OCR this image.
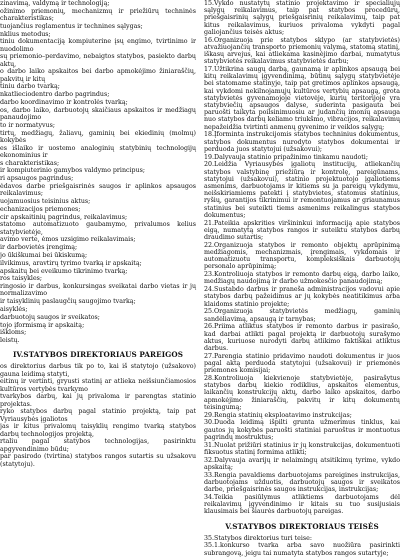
zinavimą, valdymą ir technologiją;

ožinimo priemonių, mechanizmų ir priežiūrų techninės charakteristikas;

tuojančius reglamentus ir technines sąlygas;

nklius metodus;

tiniu dokumentaciją kompiuterine įsų engimo, tvirtinimo ir nuodolimo

sų priemonio–perdavimo, nebaigtos statybos, pasiekto darbų aktų,

o darbo laiko apskaitos bei darbo apmokėjimo žiniaraščių, pakvitų ir kitų

tiniu darbo tvarką;

nkatlieciodentro darbo pagrindus;

darbo koordinavimo ir kontrolės tvarką;

os, darbo laiko, darbuotojų skaičiaus apskaitos ir medžiagų panaudojimo

to ir normatyvus;

tirtų, medžiagų, žaliavų, gaminių bei ekiedinių (molmų) kokybės

es išlaiko ir uostemo analoginių statybinių technologijų ekonominius ir

s charakteristikas;

ir kompiuterinio gamybos valdymo principus;

ri apsaugos pagrindus;

ėdavos darbe priešgaisrinės saugos ir aplinkos apsaugos reikalavimus;

uojamuosius teisinius aktus;

echanizacijos priemones;

cir apskaitinių pagrindus, reikalavimus;

statomo automatizuoto gaubamymo, privalumos kelius statybvietėje,

avimo verte, ėmos uzsigimo reikalavimais;

ir darbovietės įrengimą;

jo ūkiškumai bei ūkiskumą;

ilvikimus, aravtirų tyrimo tvarką ir apskaitą;

apskaitų bei eveikumo tikrinimo tvarką;

ros taisykles;

ringosio ir darbus, konkursingas sveikatai darbo vietas ir jų normalizavimo

ir taisyklinių paslaugčių saugojimo tvarką;

aisyklės;

darbuotojų saugos ir sveikatos;

tojo įformismą ir apskaitą;

iškloms;

leistų.

IV.STATYBOS DIREKTORIAUS PAREIGOS

os direktorius darbus tik po to, kai iš statytojo (užsakovo) gauna leidimą statyti,

eitinų ir vertinti, gryusti statinį ar atlieka neišsiunčiamosios kultūros vertybės tvarkymo

tvarkybos darbų, kai jų privaloma ir parengtas statinio projektas.

ryko statybos darbų pagal statinio projektą, taip pat Vyriausybės įgaliotos

jas ir kitus privalomų taisyklių rengimo tvarką statybos darbų technologijos projektą,

rtaliu pagal statybos technologijas, pasirinktu apgyvendinimo būdu;

par pasirodo (tvirtina) statybos rangos sutartis su užsakovu (statytoju).

15.Vykdo nustatytų statinio projektavimo ir specialiųjų sąlygų reikalavimus, taip pat statybos procedūrų, priešgaisrinių sąlygų priešgaisrinių reikalavimų, taip pat kitus reikalavimus, kuriuos privaloma vykdyti pagal galiojančius teisės aktus;

16.Organizuoja prie statybos sklypo (ar statybvietės) atvažiuojančių transporto priemonių valymą, statomą statinį, iškasų arvejus, kai atliekama kasinėjimo darbai, numatytus statybvietės reikalavimus statybvietės darbu;

17.Užtikrina saugų darbą, gaunamą ir aplinkos apsaugą bei kitų reikalavimų įgyvendinimą, būtinų sąlygų statybvietėje bei statomame statinyje, taip pat gretimos aplinkos apsaugą, kai vykdomi nekilnojamųjų kultūros vertybių apsaugą, grota statybvietės gyvenamojoje vietovėje, kurių teritorijoje yra statybviečių apsaugos dalyse, suderinta pasigauta bei paruošti taikyta poilsinimuosiu ar judančių imonių apsauga nuo statybos darbų keliamo triukšmo, vibracijos, reikalavimų nepažeidžia tvirtinti anmenų gyvenimo ir veiklos sąlygų;

18.Įforminta instrukcijomis statybos techninius dokumentus, statybos dokumentus nurodyto statybos dokumentai ir perduoda juos statytojui (užsakovui);

19.Dalyvauja statinio pripažinimo tinkamu naudoti;

20.Leidžia Vyriausybės įgaliotų institucijų, atliekančių statybos valstybinę priežiūrą ir kontrolę, pareigūnams, statytojui (užsakovui), statinio projektuotojo įgaliotiems asmenims, darbuotojams ir kitiems su ja pareigų vykdymu, neišskiriamiems patekti į statybvietes, statomus statinius, ryšių, garantijos tikrinimui ir remontuojamus ar griaunamus statinius bei suteikti tiems asmenims reikalingus statybos dokumentus;

21.Pateikia apskrities viršininkui informaciją apie statybos eigą, numatytą statybos rangos ir suteiktu statybos darbų draudimo sutartis;

22.Organizuoja statybos ir remonto objektų aprūpinimą medžiagomis, mechanizmais, įrengimais, vykdomais ir automatizuotu transportu, kompleksiškais darbuotojų personalo aprūpinimą;

23.Kontroliuoja statybos ir remonto darbų eigą, darbo laiko, medžiagų naudojimą ir darbo užmokesčio panaudojimą;

24.Sustabdo darbus ir praneša administracijos vadovui apie statybos darbų pažeidimus ar jų kokybės neatitikimus arba klaidoms statinio projekte;

25.Organizuoja statybvietės medžiagų, gaminių sandėliavimą, apsaugą ir tarnybas;

26.Priima atliktus statybos ir remonto darbus ir pasirašo, kad darbai atlikti pagal projektą ir darbuotojų surašymo aktus, kuriuose nurodyti darbų atlikimo faktiškai atliktus darbus.

27.Parengia statinio pridavimo naudoti dokumentus ir juos pagal aktą perduoda statytojui (užsakovui) ir priemonės priemones komisijai;

28.Kontroliuoja kiekvienoje statybvietėje, pasirašytus statybos darbų kiekio rodiklius, apskaitos elementus, laikančių konstrukcijų aktų, darbo laiko apskaitos, darbo apmokėjimo žiniaraščių, pakvitų ir kitų dokumentų teisingumą;

29.Rengia statinių eksploatavimo instrukcijas;

30.Duoda leidimą išpilti grunta užmerimus tinklus, kai gautos jų kokybės paruošti statiniai paruoštus ir montuotus pagrindų mostruktus;

31.Nuolat prižiūri statinius ir jų konstrukcijas, dokumentuoti fiksuotus statinį formima atlikti;

32.Dalyvauja avarijų ir nelaimingų atsitikimų tyrime, vykdo apskaitą;

33.Rengia pavaldiems darbuotojams pareigines instrukcijas, darbuotojams užduotis, darbuotojų saugos ir sveikatos darbe, priešgaisrinės saugos instrukcijas, instrukcijas;

34.Teikia pasiūlymus atliktiems darbuotojams dėl reikalavimų įgyvendinimo ir kitais su tuo susijusiais klausimais bei šiaurės darbuotojų pareigas.

V.STATYBOS DIREKTORIAUS TEISĖS

35.Statybos direktorius turi teise:

35.1.konkurso tvarka arba savo nuožiūra pasirinkti subrangovą, jeigu tai numatyta statybos rangos sutartyje;
